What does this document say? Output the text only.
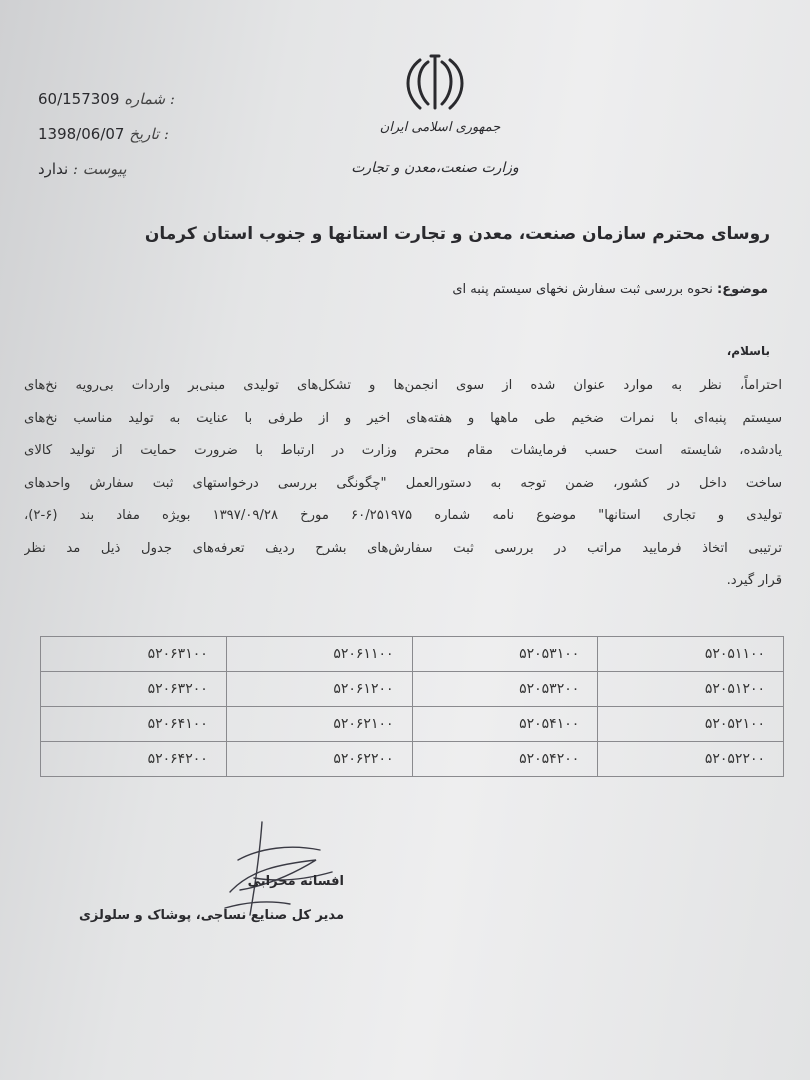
60/157309 شماره :
1398/06/07 تاریخ :
پیوست : ندارد
جمهوری اسلامی ایران
وزارت صنعت،معدن و تجارت
روسای محترم سازمان صنعت، معدن و تجارت استانها و جنوب استان کرمان
موضوع: نحوه بررسی ثبت سفارش نخهای سیستم پنبه ای
باسلام،
احتراماً، نظر به موارد عنوان شده از سوی انجمن‌ها و تشکل‌های تولیدی مبنی‌بر واردات بی‌رویه نخ‌های
سیستم پنبه‌ای با نمرات ضخیم طی ماهها و هفته‌های اخیر و از طرفی با عنایت به تولید مناسب نخ‌های
یادشده، شایسته است حسب فرمایشات مقام محترم وزارت در ارتباط با ضرورت حمایت از تولید کالای
ساخت داخل در کشور، ضمن توجه به دستورالعمل "چگونگی بررسی درخواستهای ثبت سفارش واحدهای
تولیدی و تجاری استانها" موضوع نامه شماره ۶۰/۲۵۱۹۷۵ مورخ ۱۳۹۷/۰۹/۲۸ بویژه مفاد بند (۶-۲)،
ترتیبی اتخاذ فرمایید مراتب در بررسی ثبت سفارش‌های بشرح ردیف تعرفه‌های جدول ذیل مد نظر
قرار گیرد.
۵۲۰۵۱۱۰۰	۵۲۰۵۳۱۰۰	۵۲۰۶۱۱۰۰	۵۲۰۶۳۱۰۰
۵۲۰۵۱۲۰۰	۵۲۰۵۳۲۰۰	۵۲۰۶۱۲۰۰	۵۲۰۶۳۲۰۰
۵۲۰۵۲۱۰۰	۵۲۰۵۴۱۰۰	۵۲۰۶۲۱۰۰	۵۲۰۶۴۱۰۰
۵۲۰۵۲۲۰۰	۵۲۰۵۴۲۰۰	۵۲۰۶۲۲۰۰	۵۲۰۶۴۲۰۰
افسانه محرابی
مدیر کل صنایع نساجی، پوشاک و سلولزی
